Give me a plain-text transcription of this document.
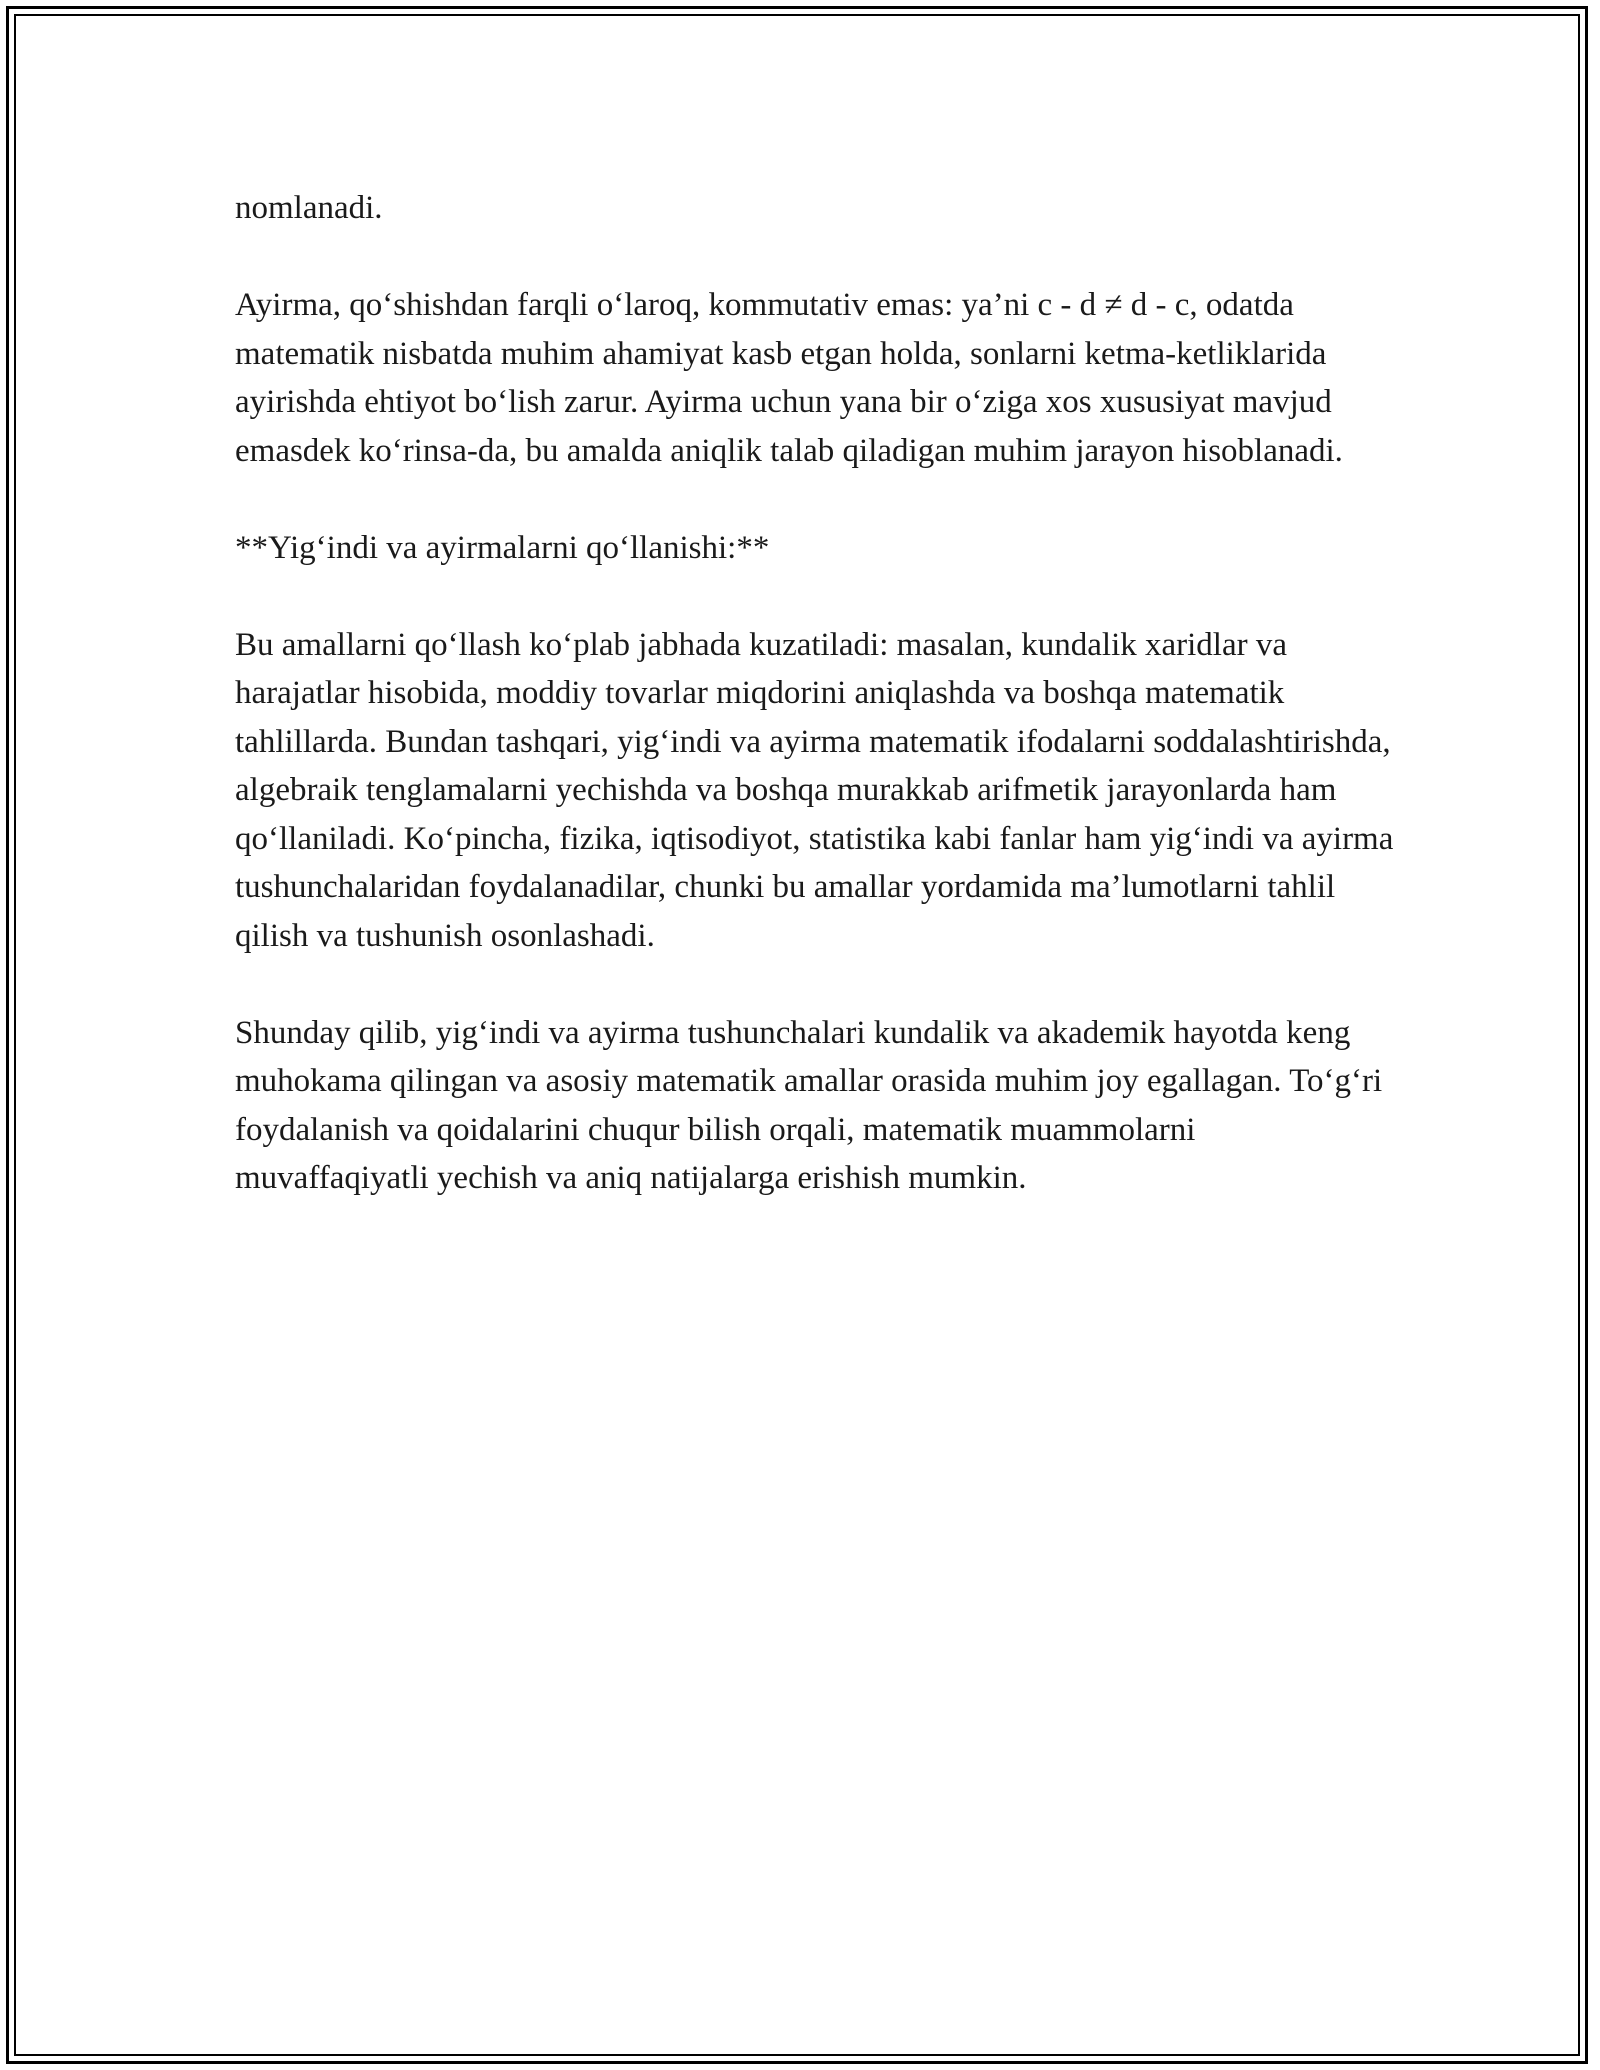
nomlanadi.

Ayirma, qo‘shishdan farqli o‘laroq, kommutativ emas: ya’ni c - d ≠ d - c, odatda matematik nisbatda muhim ahamiyat kasb etgan holda, sonlarni ketma-ketliklarida ayirishda ehtiyot bo‘lish zarur. Ayirma uchun yana bir o‘ziga xos xususiyat mavjud emasdek ko‘rinsa-da, bu amalda aniqlik talab qiladigan muhim jarayon hisoblanadi.

**Yig‘indi va ayirmalarni qo‘llanishi:**

Bu amallarni qo‘llash ko‘plab jabhada kuzatiladi: masalan, kundalik xaridlar va harajatlar hisobida, moddiy tovarlar miqdorini aniqlashda va boshqa matematik tahlillarda. Bundan tashqari, yig‘indi va ayirma matematik ifodalarni soddalashtirishda, algebraik tenglamalarni yechishda va boshqa murakkab arifmetik jarayonlarda ham qo‘llaniladi. Ko‘pincha, fizika, iqtisodiyot, statistika kabi fanlar ham yig‘indi va ayirma tushunchalaridan foydalanadilar, chunki bu amallar yordamida ma’lumotlarni tahlil qilish va tushunish osonlashadi.

Shunday qilib, yig‘indi va ayirma tushunchalari kundalik va akademik hayotda keng muhokama qilingan va asosiy matematik amallar orasida muhim joy egallagan. To‘g‘ri foydalanish va qoidalarini chuqur bilish orqali, matematik muammolarni muvaffaqiyatli yechish va aniq natijalarga erishish mumkin.
